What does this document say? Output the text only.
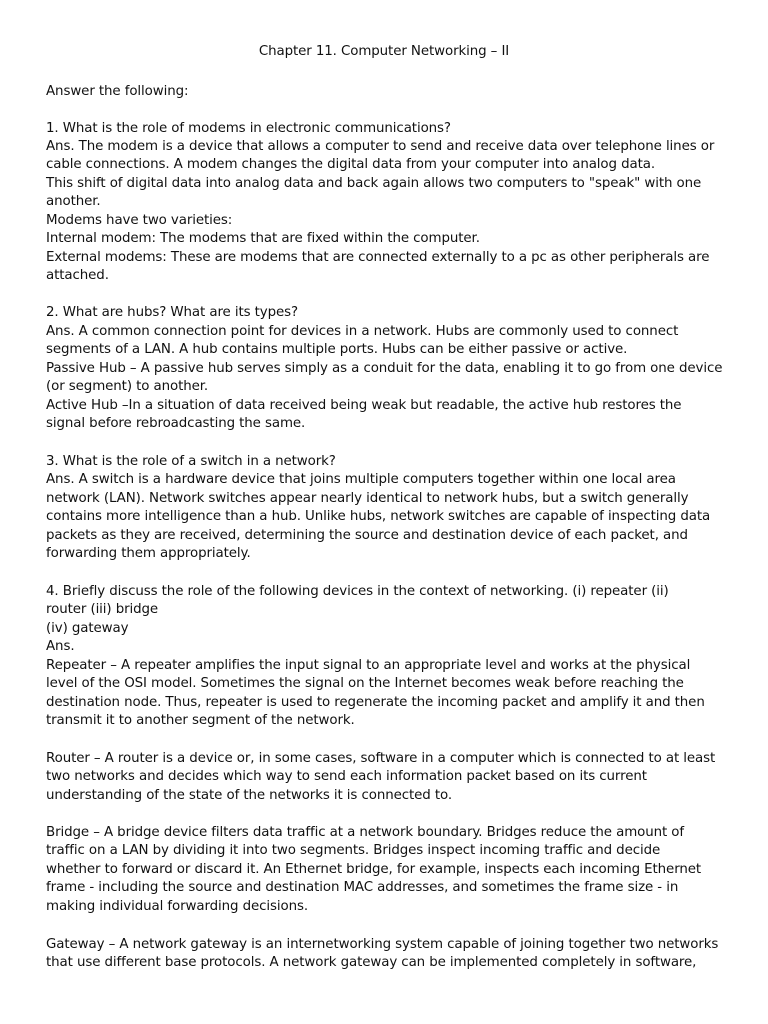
Chapter 11. Computer Networking – II
Answer the following:
1. What is the role of modems in electronic communications?
Ans. The modem is a device that allows a computer to send and receive data over telephone lines or
cable connections. A modem changes the digital data from your computer into analog data.
This shift of digital data into analog data and back again allows two computers to "speak" with one
another.
Modems have two varieties:
Internal modem: The modems that are fixed within the computer.
External modems: These are modems that are connected externally to a pc as other peripherals are
attached.
2. What are hubs? What are its types?
Ans. A common connection point for devices in a network. Hubs are commonly used to connect
segments of a LAN. A hub contains multiple ports. Hubs can be either passive or active.
Passive Hub – A passive hub serves simply as a conduit for the data, enabling it to go from one device
(or segment) to another.
Active Hub –In a situation of data received being weak but readable, the active hub restores the
signal before rebroadcasting the same.
3. What is the role of a switch in a network?
Ans. A switch is a hardware device that joins multiple computers together within one local area
network (LAN). Network switches appear nearly identical to network hubs, but a switch generally
contains more intelligence than a hub. Unlike hubs, network switches are capable of inspecting data
packets as they are received, determining the source and destination device of each packet, and
forwarding them appropriately.
4. Briefly discuss the role of the following devices in the context of networking. (i) repeater (ii)
router (iii) bridge
(iv) gateway
Ans.
Repeater – A repeater amplifies the input signal to an appropriate level and works at the physical
level of the OSI model. Sometimes the signal on the Internet becomes weak before reaching the
destination node. Thus, repeater is used to regenerate the incoming packet and amplify it and then
transmit it to another segment of the network.
Router – A router is a device or, in some cases, software in a computer which is connected to at least
two networks and decides which way to send each information packet based on its current
understanding of the state of the networks it is connected to.
Bridge – A bridge device filters data traffic at a network boundary. Bridges reduce the amount of
traffic on a LAN by dividing it into two segments. Bridges inspect incoming traffic and decide
whether to forward or discard it. An Ethernet bridge, for example, inspects each incoming Ethernet
frame - including the source and destination MAC addresses, and sometimes the frame size - in
making individual forwarding decisions.
Gateway – A network gateway is an internetworking system capable of joining together two networks
that use different base protocols. A network gateway can be implemented completely in software,
